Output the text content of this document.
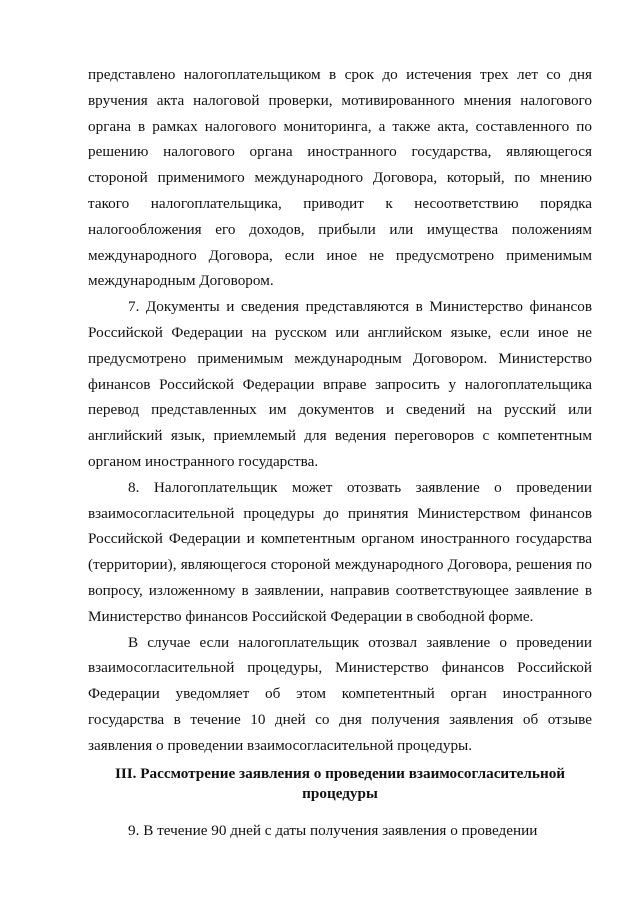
представлено налогоплательщиком в срок до истечения трех лет со дня вручения акта налоговой проверки, мотивированного мнения налогового органа в рамках налогового мониторинга, а также акта, составленного по решению налогового органа иностранного государства, являющегося стороной применимого международного Договора, который, по мнению такого налогоплательщика, приводит к несоответствию порядка налогообложения его доходов, прибыли или имущества положениям международного Договора, если иное не предусмотрено применимым международным Договором.

7. Документы и сведения представляются в Министерство финансов Российской Федерации на русском или английском языке, если иное не предусмотрено применимым международным Договором. Министерство финансов Российской Федерации вправе запросить у налогоплательщика перевод представленных им документов и сведений на русский или английский язык, приемлемый для ведения переговоров с компетентным органом иностранного государства.

8. Налогоплательщик может отозвать заявление о проведении взаимосогласительной процедуры до принятия Министерством финансов Российской Федерации и компетентным органом иностранного государства (территории), являющегося стороной международного Договора, решения по вопросу, изложенному в заявлении, направив соответствующее заявление в Министерство финансов Российской Федерации в свободной форме.

В случае если налогоплательщик отозвал заявление о проведении взаимосогласительной процедуры, Министерство финансов Российской Федерации уведомляет об этом компетентный орган иностранного государства в течение 10 дней со дня получения заявления об отзыве заявления о проведении взаимосогласительной процедуры.

III. Рассмотрение заявления о проведении взаимосогласительной процедуры

9. В течение 90 дней с даты получения заявления о проведении
